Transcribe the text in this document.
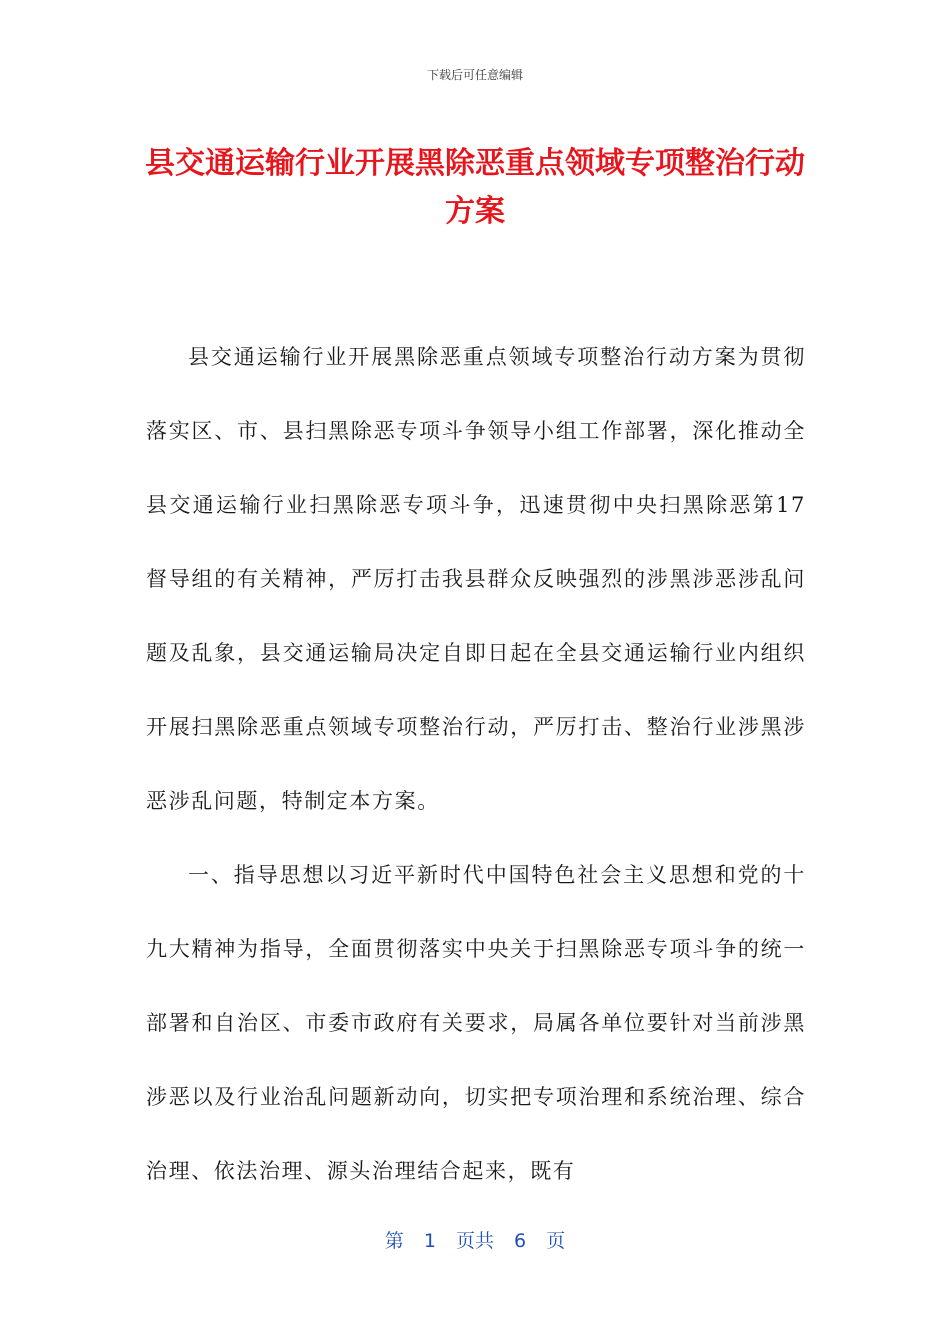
下载后可任意编辑
县交通运输行业开展黑除恶重点领域专项整治行动方案

县交通运输行业开展黑除恶重点领域专项整治行动方案为贯彻落实区、市、县扫黑除恶专项斗争领导小组工作部署，深化推动全县交通运输行业扫黑除恶专项斗争，迅速贯彻中央扫黑除恶第17督导组的有关精神，严厉打击我县群众反映强烈的涉黑涉恶涉乱问题及乱象，县交通运输局决定自即日起在全县交通运输行业内组织开展扫黑除恶重点领域专项整治行动，严厉打击、整治行业涉黑涉恶涉乱问题，特制定本方案。

一、指导思想以习近平新时代中国特色社会主义思想和党的十九大精神为指导，全面贯彻落实中央关于扫黑除恶专项斗争的统一部署和自治区、市委市政府有关要求，局属各单位要针对当前涉黑涉恶以及行业治乱问题新动向，切实把专项治理和系统治理、综合治理、依法治理、源头治理结合起来，既有

第 1 页共 6 页
